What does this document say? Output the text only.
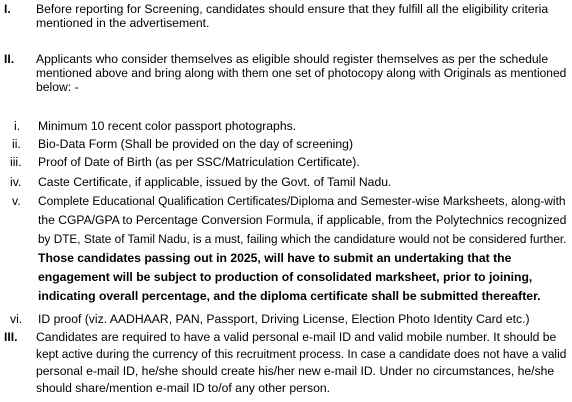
I. Before reporting for Screening, candidates should ensure that they fulfill all the eligibility criteria
mentioned in the advertisement.
II. Applicants who consider themselves as eligible should register themselves as per the schedule
mentioned above and bring along with them one set of photocopy along with Originals as mentioned
below: -
i. Minimum 10 recent color passport photographs.
ii. Bio-Data Form (Shall be provided on the day of screening)
iii. Proof of Date of Birth (as per SSC/Matriculation Certificate).
iv. Caste Certificate, if applicable, issued by the Govt. of Tamil Nadu.
v. Complete Educational Qualification Certificates/Diploma and Semester-wise Marksheets, along-with
the CGPA/GPA to Percentage Conversion Formula, if applicable, from the Polytechnics recognized
by DTE, State of Tamil Nadu, is a must, failing which the candidature would not be considered further.
Those candidates passing out in 2025, will have to submit an undertaking that the
engagement will be subject to production of consolidated marksheet, prior to joining,
indicating overall percentage, and the diploma certificate shall be submitted thereafter.
vi. ID proof (viz. AADHAAR, PAN, Passport, Driving License, Election Photo Identity Card etc.)
III. Candidates are required to have a valid personal e-mail ID and valid mobile number. It should be
kept active during the currency of this recruitment process. In case a candidate does not have a valid
personal e-mail ID, he/she should create his/her new e-mail ID. Under no circumstances, he/she
should share/mention e-mail ID to/of any other person.
